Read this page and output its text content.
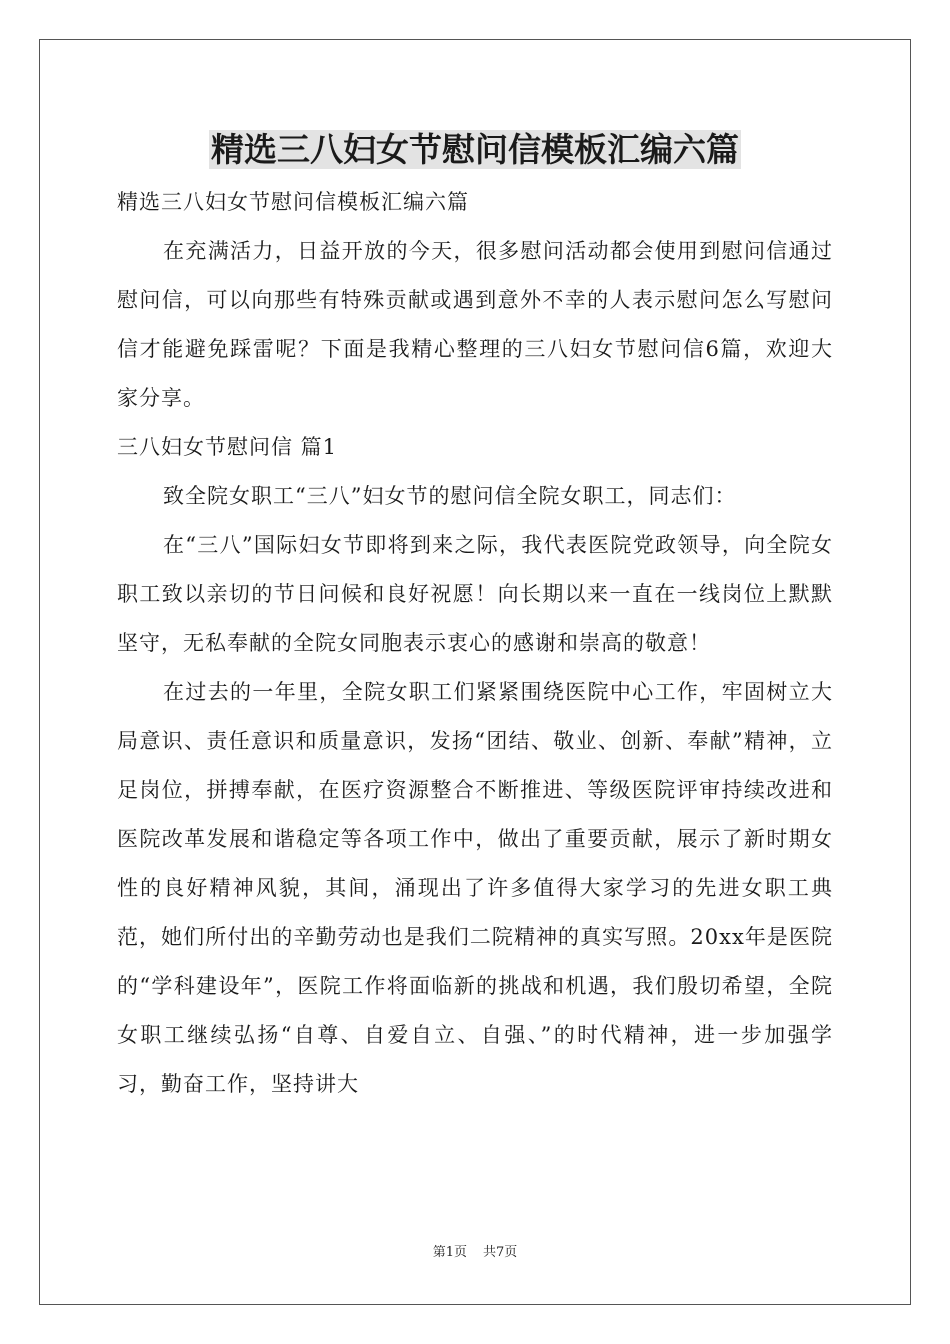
精选三八妇女节慰问信模板汇编六篇

精选三八妇女节慰问信模板汇编六篇

在充满活力，日益开放的今天，很多慰问活动都会使用到慰问信通过慰问信，可以向那些有特殊贡献或遇到意外不幸的人表示慰问怎么写慰问信才能避免踩雷呢？下面是我精心整理的三八妇女节慰问信6篇，欢迎大家分享。

三八妇女节慰问信 篇1

致全院女职工“三八”妇女节的慰问信全院女职工，同志们：

在“三八”国际妇女节即将到来之际，我代表医院党政领导，向全院女职工致以亲切的节日问候和良好祝愿！向长期以来一直在一线岗位上默默坚守，无私奉献的全院女同胞表示衷心的感谢和崇高的敬意！

在过去的一年里，全院女职工们紧紧围绕医院中心工作，牢固树立大局意识、责任意识和质量意识，发扬“团结、敬业、创新、奉献”精神，立足岗位，拼搏奉献，在医疗资源整合不断推进、等级医院评审持续改进和医院改革发展和谐稳定等各项工作中，做出了重要贡献，展示了新时期女性的良好精神风貌，其间，涌现出了许多值得大家学习的先进女职工典范，她们所付出的辛勤劳动也是我们二院精神的真实写照。20xx年是医院的“学科建设年”，医院工作将面临新的挑战和机遇，我们殷切希望，全院女职工继续弘扬“自尊、自爱自立、自强、”的时代精神，进一步加强学习，勤奋工作，坚持讲大

第1页 共7页
